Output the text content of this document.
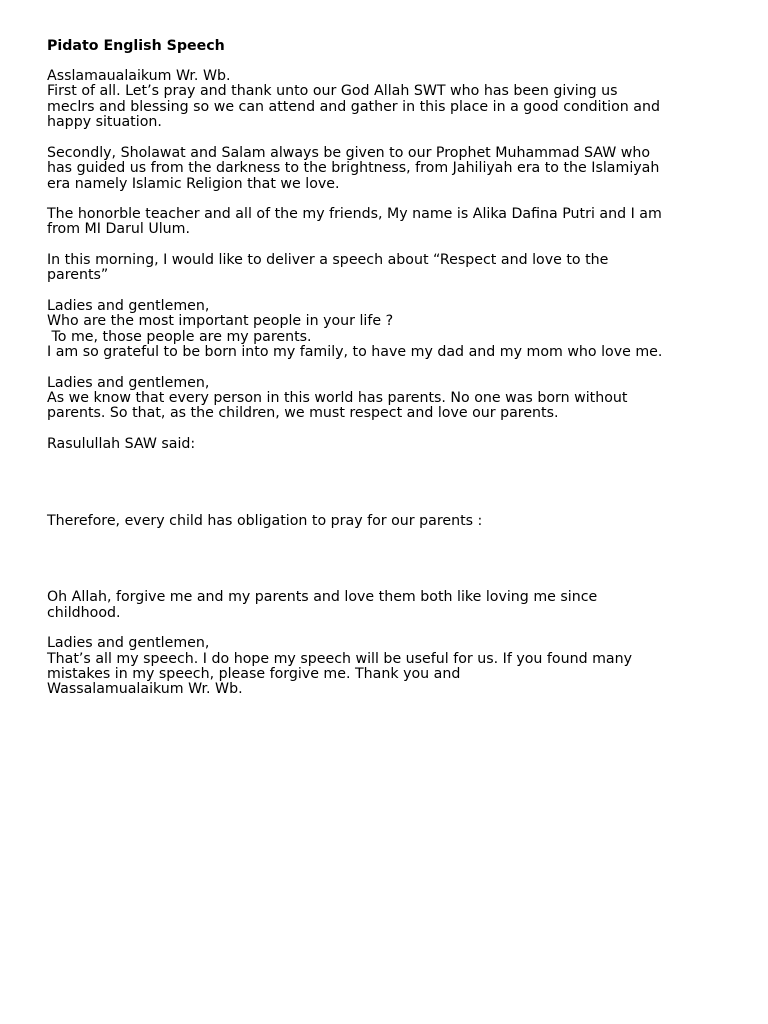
Pidato English Speech
Asslamaualaikum Wr. Wb.
First of all. Let’s pray and thank unto our God Allah SWT who has been giving us
meclrs and blessing so we can attend and gather in this place in a good condition and
happy situation.
Secondly, Sholawat and Salam always be given to our Prophet Muhammad SAW who
has guided us from the darkness to the brightness, from Jahiliyah era to the Islamiyah
era namely Islamic Religion that we love.
The honorble teacher and all of the my friends, My name is Alika Dafina Putri and I am
from MI Darul Ulum.
In this morning, I would like to deliver a speech about “Respect and love to the
parents”
Ladies and gentlemen,
Who are the most important people in your life ?
To me, those people are my parents.
I am so grateful to be born into my family, to have my dad and my mom who love me.
Ladies and gentlemen,
As we know that every person in this world has parents. No one was born without
parents. So that, as the children, we must respect and love our parents.
Rasulullah SAW said:
Therefore, every child has obligation to pray for our parents :
Oh Allah, forgive me and my parents and love them both like loving me since
childhood.
Ladies and gentlemen,
That’s all my speech. I do hope my speech will be useful for us. If you found many
mistakes in my speech, please forgive me. Thank you and
Wassalamualaikum Wr. Wb.
